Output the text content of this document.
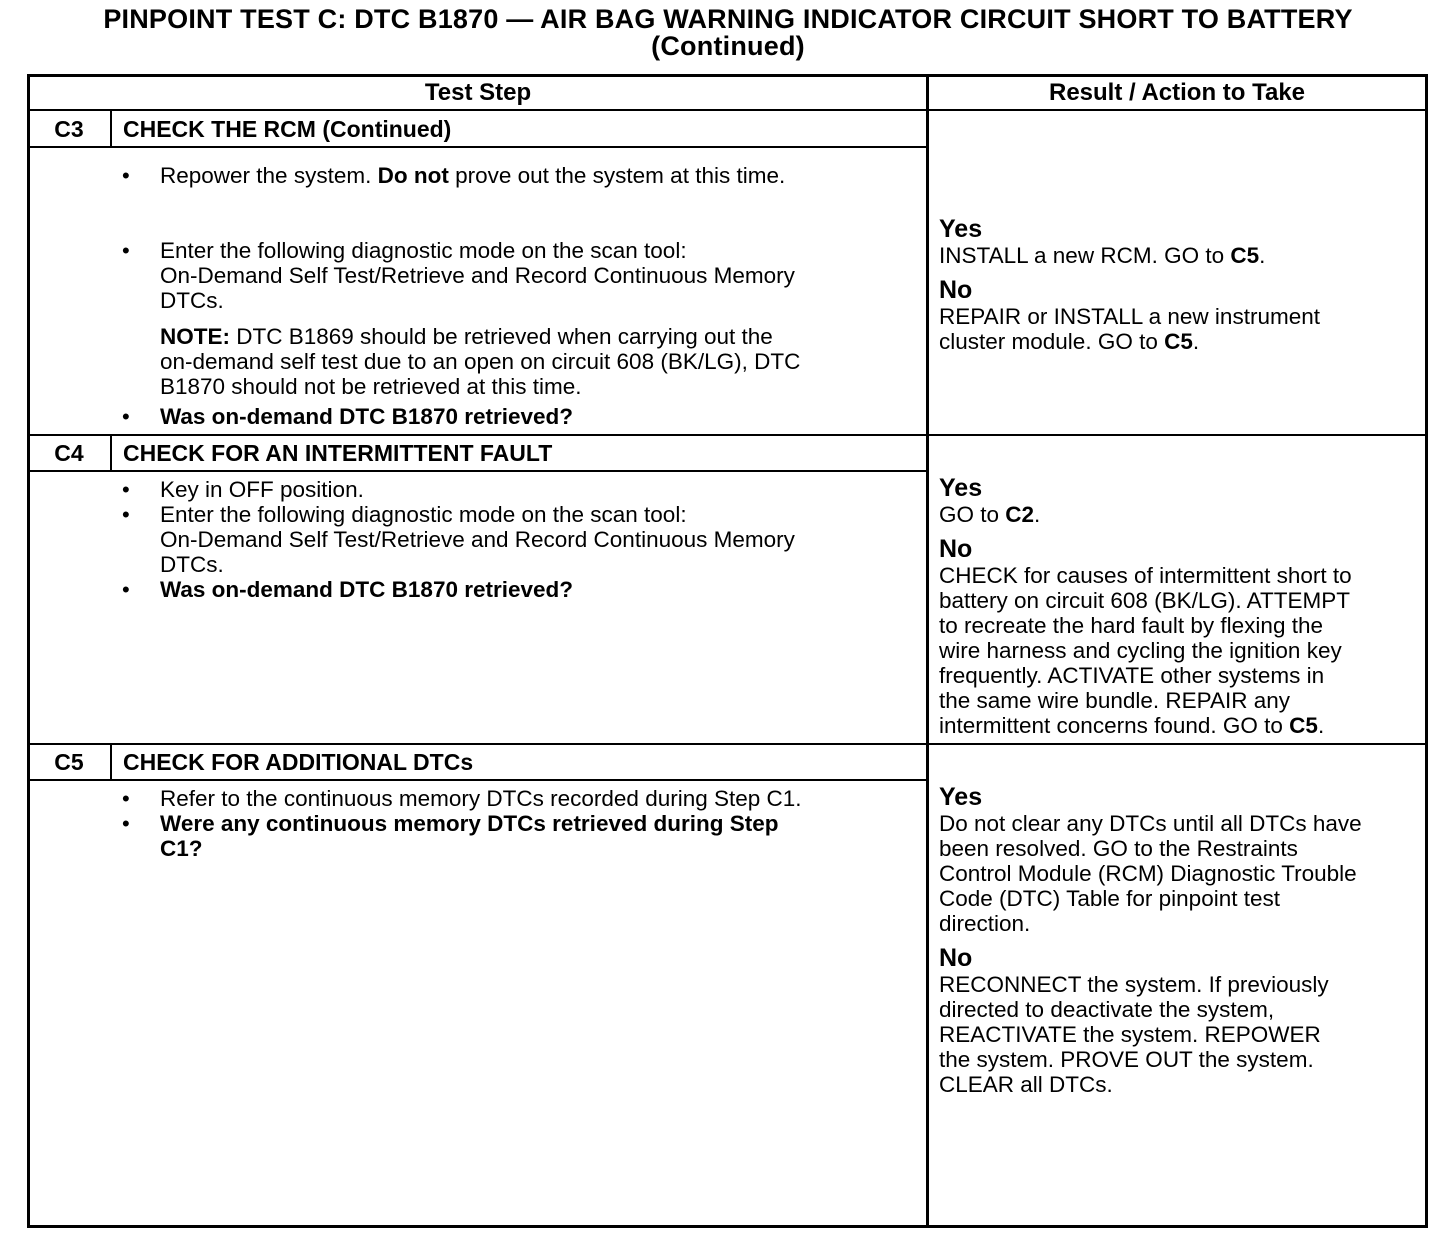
PINPOINT TEST C: DTC B1870 — AIR BAG WARNING INDICATOR CIRCUIT SHORT TO BATTERY
(Continued)
Test Step	Result / Action to Take
C3	CHECK THE RCM (Continued)
• Repower the system. Do not prove out the system at this time.
• Enter the following diagnostic mode on the scan tool:
On-Demand Self Test/Retrieve and Record Continuous Memory
DTCs.
NOTE: DTC B1869 should be retrieved when carrying out the
on-demand self test due to an open on circuit 608 (BK/LG), DTC
B1870 should not be retrieved at this time.
• Was on-demand DTC B1870 retrieved?
Yes
INSTALL a new RCM. GO to C5.
No
REPAIR or INSTALL a new instrument
cluster module. GO to C5.
C4	CHECK FOR AN INTERMITTENT FAULT
• Key in OFF position.
• Enter the following diagnostic mode on the scan tool:
On-Demand Self Test/Retrieve and Record Continuous Memory
DTCs.
• Was on-demand DTC B1870 retrieved?
Yes
GO to C2.
No
CHECK for causes of intermittent short to
battery on circuit 608 (BK/LG). ATTEMPT
to recreate the hard fault by flexing the
wire harness and cycling the ignition key
frequently. ACTIVATE other systems in
the same wire bundle. REPAIR any
intermittent concerns found. GO to C5.
C5	CHECK FOR ADDITIONAL DTCs
• Refer to the continuous memory DTCs recorded during Step C1.
• Were any continuous memory DTCs retrieved during Step
C1?
Yes
Do not clear any DTCs until all DTCs have
been resolved. GO to the Restraints
Control Module (RCM) Diagnostic Trouble
Code (DTC) Table for pinpoint test
direction.
No
RECONNECT the system. If previously
directed to deactivate the system,
REACTIVATE the system. REPOWER
the system. PROVE OUT the system.
CLEAR all DTCs.
